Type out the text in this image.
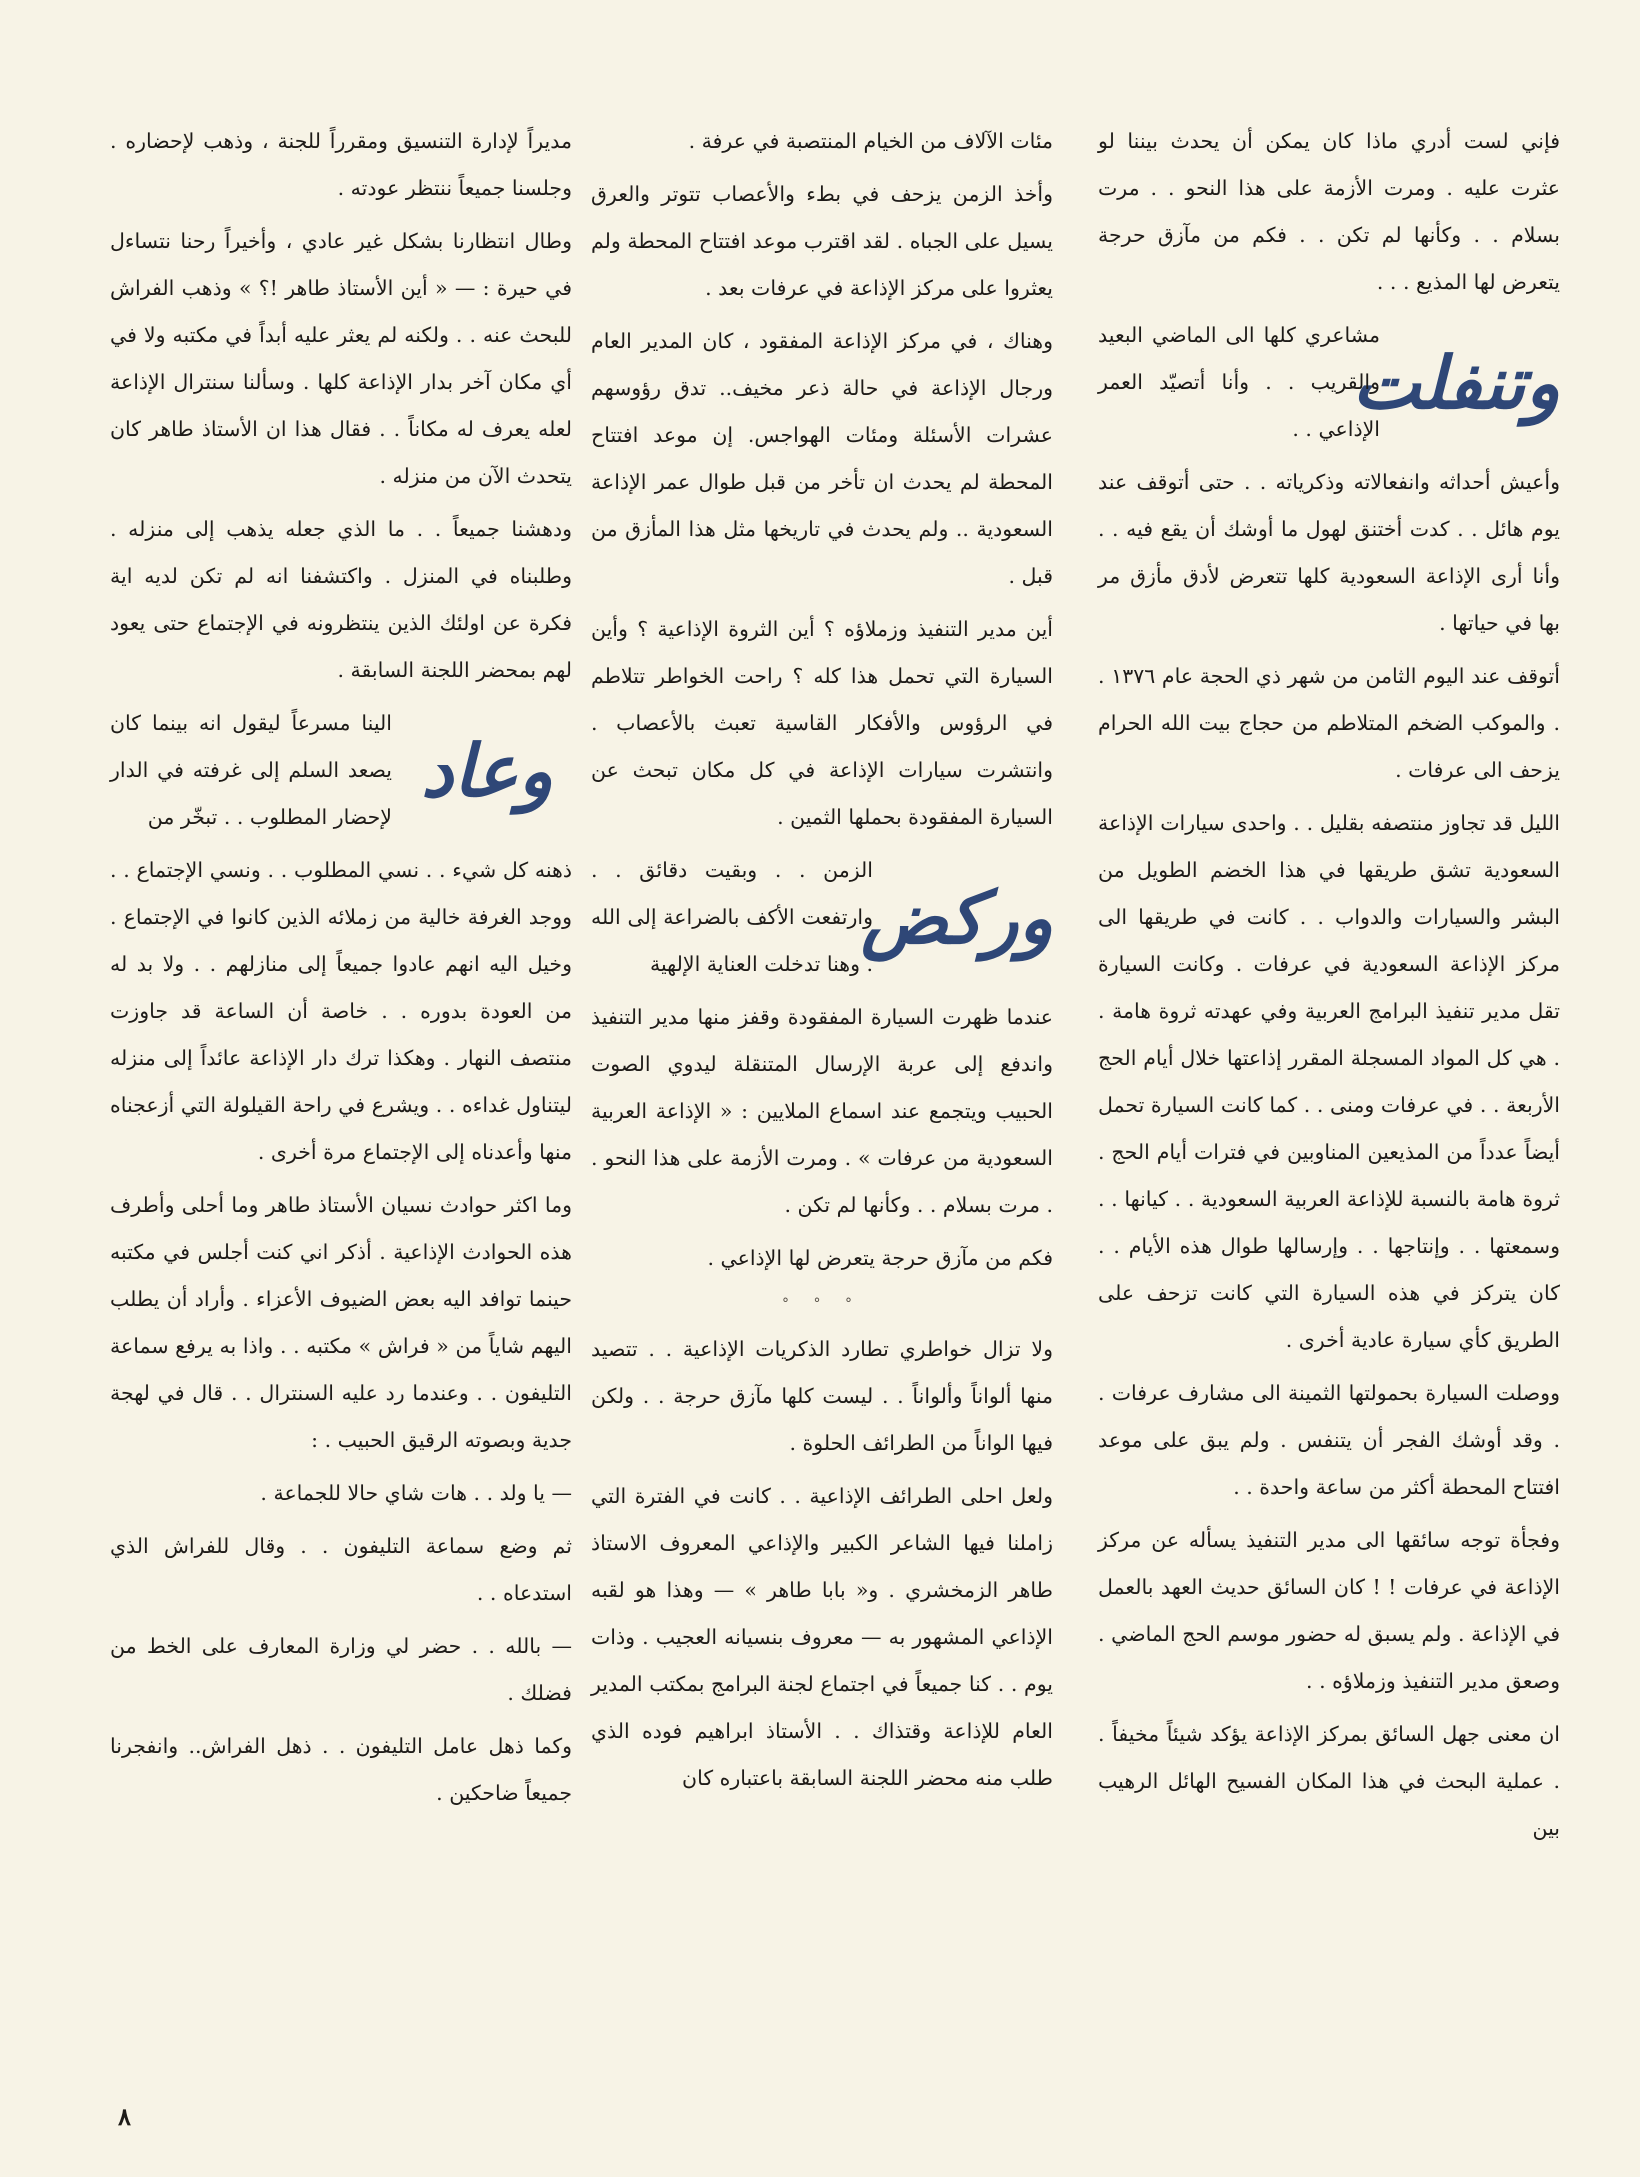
فإني لست أدري ماذا كان يمكن أن يحدث بيننا لو عثرت عليه . ومرت الأزمة على هذا النحو . . مرت بسلام . . وكأنها لم تكن . . فكم من مآزق حرجة يتعرض لها المذيع . . .

وتنفلت

مشاعري كلها الى الماضي البعيد والقريب . . وأنا أتصيّد العمر الإذاعي . .

وأعيش أحداثه وانفعالاته وذكرياته . . حتى أتوقف عند يوم هائل . . كدت أختنق لهول ما أوشك أن يقع فيه . . وأنا أرى الإذاعة السعودية كلها تتعرض لأدق مأزق مر بها في حياتها .

أتوقف عند اليوم الثامن من شهر ذي الحجة عام ١٣٧٦ . . والموكب الضخم المتلاطم من حجاج بيت الله الحرام يزحف الى عرفات .

الليل قد تجاوز منتصفه بقليل . . واحدى سيارات الإذاعة السعودية تشق طريقها في هذا الخضم الطويل من البشر والسيارات والدواب . . كانت في طريقها الى مركز الإذاعة السعودية في عرفات . وكانت السيارة تقل مدير تنفيذ البرامج العربية وفي عهدته ثروة هامة . . هي كل المواد المسجلة المقرر إذاعتها خلال أيام الحج الأربعة . . في عرفات ومنى . . كما كانت السيارة تحمل أيضاً عدداً من المذيعين المناوبين في فترات أيام الحج . ثروة هامة بالنسبة للإذاعة العربية السعودية . . كيانها . . وسمعتها . . وإنتاجها . . وإرسالها طوال هذه الأيام . . كان يتركز في هذه السيارة التي كانت تزحف على الطريق كأي سيارة عادية أخرى .

ووصلت السيارة بحمولتها الثمينة الى مشارف عرفات . . وقد أوشك الفجر أن يتنفس . ولم يبق على موعد افتتاح المحطة أكثر من ساعة واحدة . .

وفجأة توجه سائقها الى مدير التنفيذ يسأله عن مركز الإذاعة في عرفات ! ! كان السائق حديث العهد بالعمل في الإذاعة . ولم يسبق له حضور موسم الحج الماضي . وصعق مدير التنفيذ وزملاؤه . .

ان معنى جهل السائق بمركز الإذاعة يؤكد شيئاً مخيفاً . . عملية البحث في هذا المكان الفسيح الهائل الرهيب بين

مئات الآلاف من الخيام المنتصبة في عرفة .

وأخذ الزمن يزحف في بطء والأعصاب تتوتر والعرق يسيل على الجباه . لقد اقترب موعد افتتاح المحطة ولم يعثروا على مركز الإذاعة في عرفات بعد .

وهناك ، في مركز الإذاعة المفقود ، كان المدير العام ورجال الإذاعة في حالة ذعر مخيف.. تدق رؤوسهم عشرات الأسئلة ومئات الهواجس. إن موعد افتتاح المحطة لم يحدث ان تأخر من قبل طوال عمر الإذاعة السعودية .. ولم يحدث في تاريخها مثل هذا المأزق من قبل .

أين مدير التنفيذ وزملاؤه ؟ أين الثروة الإذاعية ؟ وأين السيارة التي تحمل هذا كله ؟ راحت الخواطر تتلاطم في الرؤوس والأفكار القاسية تعبث بالأعصاب . وانتشرت سيارات الإذاعة في كل مكان تبحث عن السيارة المفقودة بحملها الثمين .

وركض

الزمن . . وبقيت دقائق . . وارتفعت الأكف بالضراعة إلى الله . وهنا تدخلت العناية الإلهية

عندما ظهرت السيارة المفقودة وقفز منها مدير التنفيذ واندفع إلى عربة الإرسال المتنقلة ليدوي الصوت الحبيب ويتجمع عند اسماع الملايين : « الإذاعة العربية السعودية من عرفات » . ومرت الأزمة على هذا النحو . . مرت بسلام . . وكأنها لم تكن .

فكم من مآزق حرجة يتعرض لها الإذاعي .

° ° °

ولا تزال خواطري تطارد الذكريات الإذاعية . . تتصيد منها ألواناً وألواناً . . ليست كلها مآزق حرجة . . ولكن فيها الواناً من الطرائف الحلوة .

ولعل احلى الطرائف الإذاعية . . كانت في الفترة التي زاملنا فيها الشاعر الكبير والإذاعي المعروف الاستاذ طاهر الزمخشري . و« بابا طاهر » — وهذا هو لقبه الإذاعي المشهور به — معروف بنسيانه العجيب . وذات يوم . . كنا جميعاً في اجتماع لجنة البرامج بمكتب المدير العام للإذاعة وقتذاك . . الأستاذ ابراهيم فوده الذي طلب منه محضر اللجنة السابقة باعتباره كان

مديراً لإدارة التنسيق ومقرراً للجنة ، وذهب لإحضاره . وجلسنا جميعاً ننتظر عودته .

وطال انتظارنا بشكل غير عادي ، وأخيراً رحنا نتساءل في حيرة : — « أين الأستاذ طاهر !؟ » وذهب الفراش للبحث عنه . . ولكنه لم يعثر عليه أبداً في مكتبه ولا في أي مكان آخر بدار الإذاعة كلها . وسألنا سنترال الإذاعة لعله يعرف له مكاناً . . فقال هذا ان الأستاذ طاهر كان يتحدث الآن من منزله .

ودهشنا جميعاً . . ما الذي جعله يذهب إلى منزله . وطلبناه في المنزل . واكتشفنا انه لم تكن لديه اية فكرة عن اولئك الذين ينتظرونه في الإجتماع حتى يعود لهم بمحضر اللجنة السابقة .

وعاد

الينا مسرعاً ليقول انه بينما كان يصعد السلم إلى غرفته في الدار لإحضار المطلوب . . تبخّر من

ذهنه كل شيء . . نسي المطلوب . . ونسي الإجتماع . . ووجد الغرفة خالية من زملائه الذين كانوا في الإجتماع . وخيل اليه انهم عادوا جميعاً إلى منازلهم . . ولا بد له من العودة بدوره . . خاصة أن الساعة قد جاوزت منتصف النهار . وهكذا ترك دار الإذاعة عائداً إلى منزله ليتناول غداءه . . ويشرع في راحة القيلولة التي أزعجناه منها وأعدناه إلى الإجتماع مرة أخرى .

وما اكثر حوادث نسيان الأستاذ طاهر وما أحلى وأطرف هذه الحوادث الإذاعية . أذكر اني كنت أجلس في مكتبه حينما توافد اليه بعض الضيوف الأعزاء . وأراد أن يطلب اليهم شاياً من « فراش » مكتبه . . واذا به يرفع سماعة التليفون . . وعندما رد عليه السنترال . . قال في لهجة جدية وبصوته الرقيق الحبيب . :

— يا ولد . . هات شاي حالا للجماعة .

ثم وضع سماعة التليفون . . وقال للفراش الذي استدعاه . .

— بالله . . حضر لي وزارة المعارف على الخط من فضلك .

وكما ذهل عامل التليفون . . ذهل الفراش.. وانفجرنا جميعاً ضاحكين .

٨
